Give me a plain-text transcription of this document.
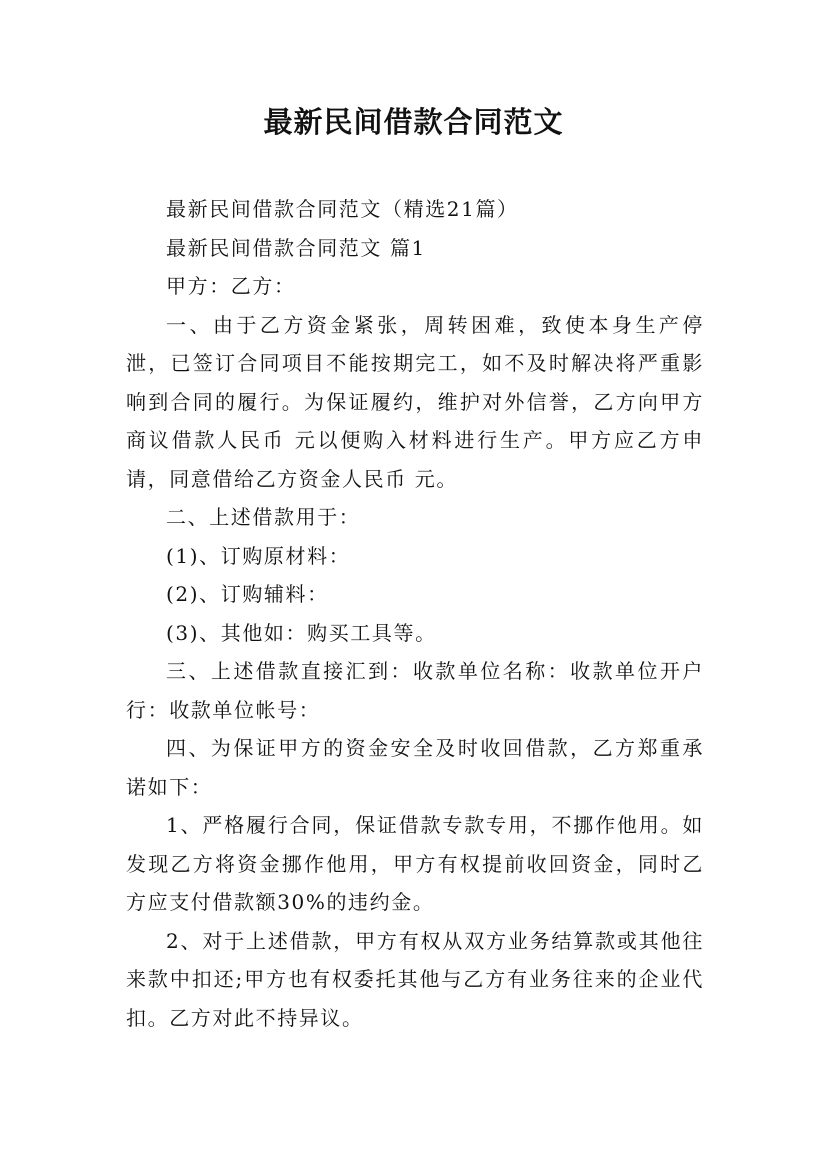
最新民间借款合同范文

最新民间借款合同范文（精选21篇）

最新民间借款合同范文 篇1

甲方：乙方：

一、由于乙方资金紧张，周转困难，致使本身生产停泄，已签订合同项目不能按期完工，如不及时解决将严重影响到合同的履行。为保证履约，维护对外信誉，乙方向甲方商议借款人民币 元以便购入材料进行生产。甲方应乙方申请，同意借给乙方资金人民币 元。

二、上述借款用于：

(1)、订购原材料：

(2)、订购辅料：

(3)、其他如：购买工具等。

三、上述借款直接汇到：收款单位名称：收款单位开户行：收款单位帐号：

四、为保证甲方的资金安全及时收回借款，乙方郑重承诺如下：

1、严格履行合同，保证借款专款专用，不挪作他用。如发现乙方将资金挪作他用，甲方有权提前收回资金，同时乙方应支付借款额30%的违约金。

2、对于上述借款，甲方有权从双方业务结算款或其他往来款中扣还;甲方也有权委托其他与乙方有业务往来的企业代扣。乙方对此不持异议。
